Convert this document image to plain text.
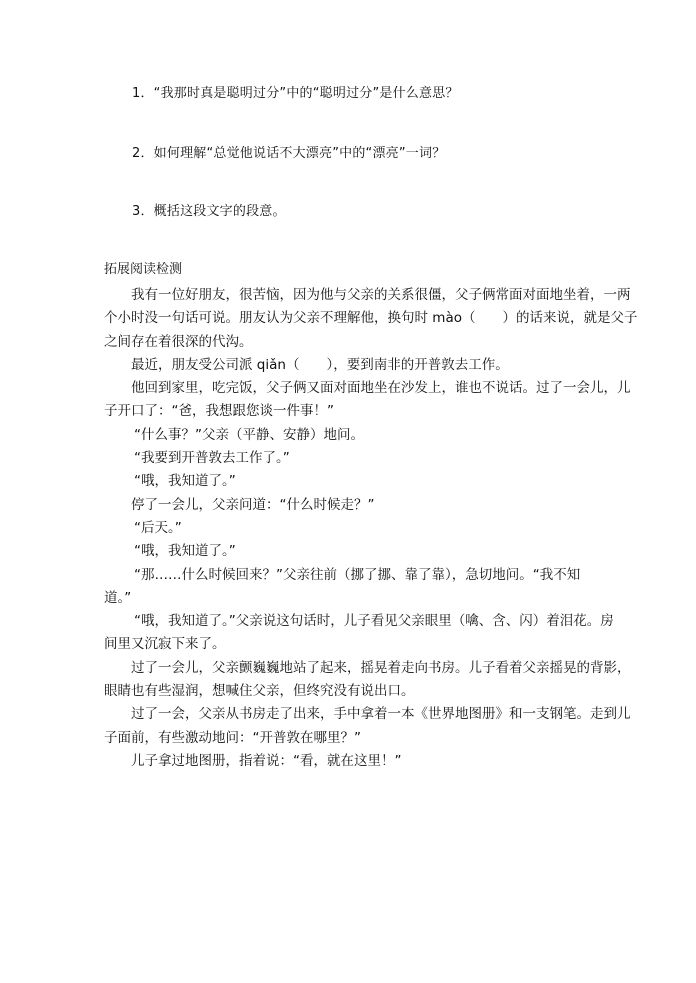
1．“我那时真是聪明过分”中的“聪明过分”是什么意思？
2．如何理解“总觉他说话不大漂亮”中的“漂亮”一词？
3．概括这段文字的段意。
拓展阅读检测
我有一位好朋友，很苦恼，因为他与父亲的关系很僵，父子俩常面对面地坐着，一两
个小时没一句话可说。朋友认为父亲不理解他，换句时 mào（　　）的话来说，就是父子
之间存在着很深的代沟。
最近，朋友受公司派 qiǎn（　　），要到南非的开普敦去工作。
他回到家里，吃完饭，父子俩又面对面地坐在沙发上，谁也不说话。过了一会儿，儿
子开口了：“爸，我想跟您谈一件事！”
“什么事？”父亲（平静、安静）地问。
“我要到开普敦去工作了。”
“哦，我知道了。”
停了一会儿，父亲问道：“什么时候走？”
“后天。”
“哦，我知道了。”
“那……什么时候回来？”父亲往前（挪了挪、靠了靠），急切地问。“我不知
道。”
“哦，我知道了。”父亲说这句话时，儿子看见父亲眼里（噙、含、闪）着泪花。房
间里又沉寂下来了。
过了一会儿，父亲颤巍巍地站了起来，摇晃着走向书房。儿子看着父亲摇晃的背影，
眼睛也有些湿润，想喊住父亲，但终究没有说出口。
过了一会，父亲从书房走了出来，手中拿着一本《世界地图册》和一支钢笔。走到儿
子面前，有些激动地问：“开普敦在哪里？”
儿子拿过地图册，指着说：“看，就在这里！”
